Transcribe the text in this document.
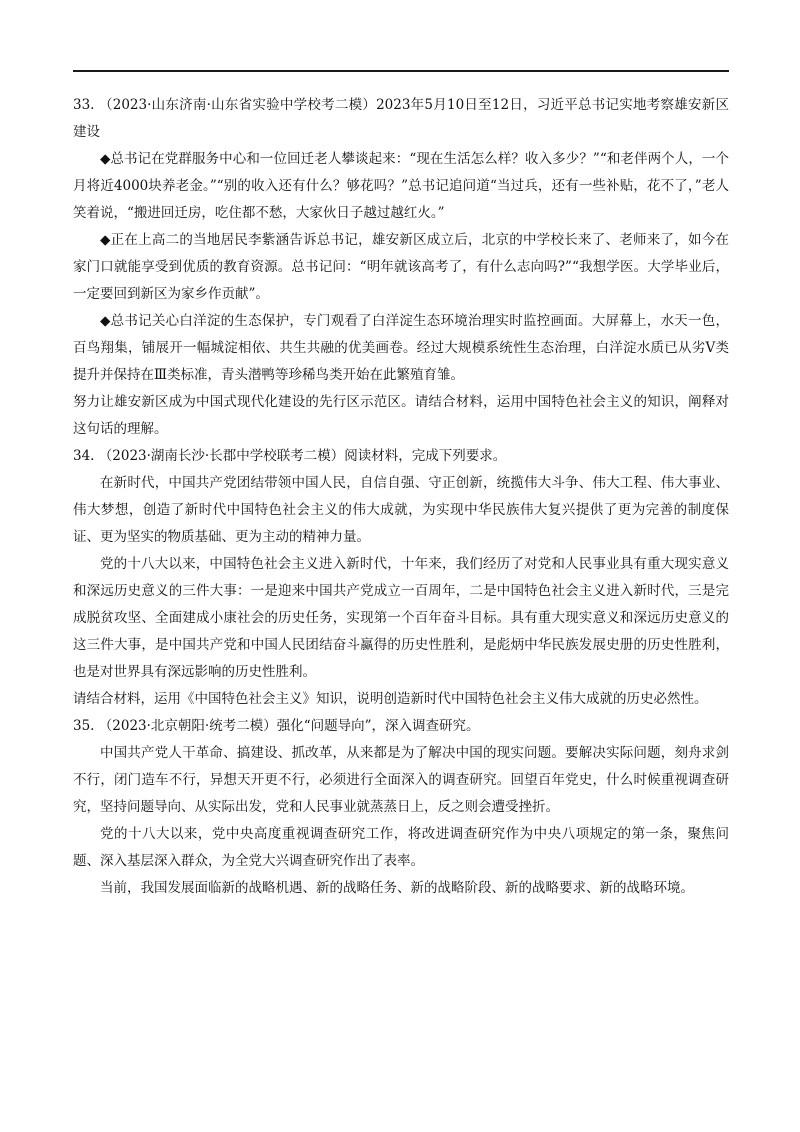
33. （2023·山东济南·山东省实验中学校考二模）2023年5月10日至12日，习近平总书记实地考察雄安新区建设

◆总书记在党群服务中心和一位回迁老人攀谈起来：“现在生活怎么样？收入多少？”“和老伴两个人，一个月将近4000块养老金。”“别的收入还有什么？够花吗？”总书记追问道“当过兵，还有一些补贴，花不了，”老人笑着说，“搬进回迁房，吃住都不愁，大家伙日子越过越红火。”

◆正在上高二的当地居民李紫涵告诉总书记，雄安新区成立后，北京的中学校长来了、老师来了，如今在家门口就能享受到优质的教育资源。总书记问：“明年就该高考了，有什么志向吗?”“我想学医。大学毕业后，一定要回到新区为家乡作贡献”。

◆总书记关心白洋淀的生态保护，专门观看了白洋淀生态环境治理实时监控画面。大屏幕上，水天一色，百鸟翔集，铺展开一幅城淀相依、共生共融的优美画卷。经过大规模系统性生态治理，白洋淀水质已从劣Ⅴ类提升并保持在Ⅲ类标准，青头潜鸭等珍稀鸟类开始在此繁殖育雏。

努力让雄安新区成为中国式现代化建设的先行区示范区。请结合材料，运用中国特色社会主义的知识，阐释对这句话的理解。

34. （2023·湖南长沙·长郡中学校联考二模）阅读材料，完成下列要求。

在新时代，中国共产党团结带领中国人民，自信自强、守正创新，统揽伟大斗争、伟大工程、伟大事业、伟大梦想，创造了新时代中国特色社会主义的伟大成就，为实现中华民族伟大复兴提供了更为完善的制度保证、更为坚实的物质基础、更为主动的精神力量。

党的十八大以来，中国特色社会主义进入新时代，十年来，我们经历了对党和人民事业具有重大现实意义和深远历史意义的三件大事：一是迎来中国共产党成立一百周年，二是中国特色社会主义进入新时代，三是完成脱贫攻坚、全面建成小康社会的历史任务，实现第一个百年奋斗目标。具有重大现实意义和深远历史意义的这三件大事，是中国共产党和中国人民团结奋斗赢得的历史性胜利，是彪炳中华民族发展史册的历史性胜利，也是对世界具有深远影响的历史性胜利。

请结合材料，运用《中国特色社会主义》知识，说明创造新时代中国特色社会主义伟大成就的历史必然性。

35. （2023·北京朝阳·统考二模）强化“问题导向”，深入调查研究。

中国共产党人干革命、搞建设、抓改革，从来都是为了解决中国的现实问题。要解决实际问题，刻舟求剑不行，闭门造车不行，异想天开更不行，必须进行全面深入的调查研究。回望百年党史，什么时候重视调查研究，坚持问题导向、从实际出发，党和人民事业就蒸蒸日上，反之则会遭受挫折。

党的十八大以来，党中央高度重视调查研究工作，将改进调查研究作为中央八项规定的第一条，聚焦问题、深入基层深入群众，为全党大兴调查研究作出了表率。

当前，我国发展面临新的战略机遇、新的战略任务、新的战略阶段、新的战略要求、新的战略环境。
